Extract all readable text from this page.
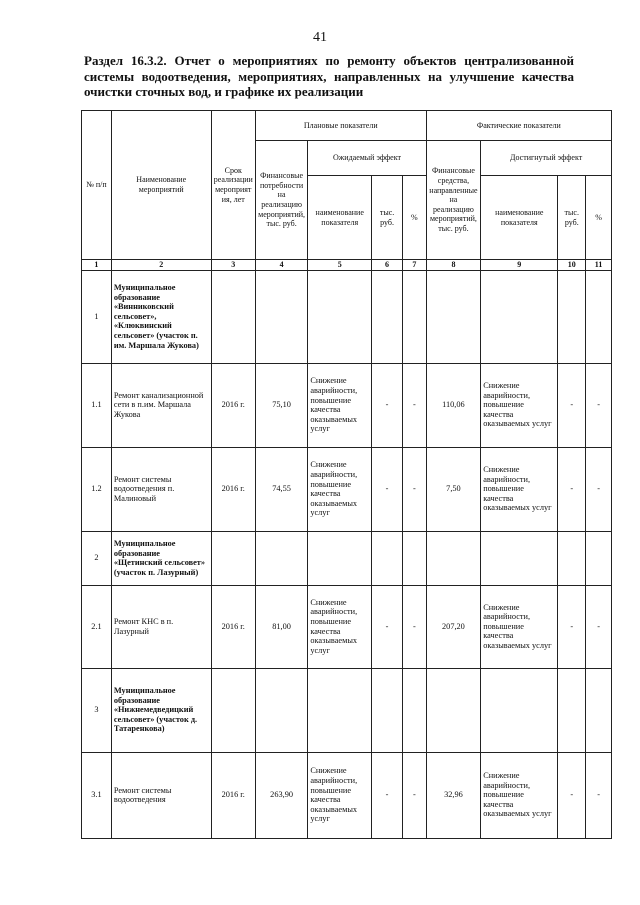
41
Раздел 16.3.2. Отчет о мероприятиях по ремонту объектов централизованной системы водоотведения, мероприятиях, направленных на улучшение качества очистки сточных вод, и графике их реализации
№ п/п	Наименование мероприятий	Срок реализации мероприятия, лет	Плановые показатели				Фактические показатели			
			Финансовые потребности на реализацию мероприятий, тыс. руб.	Ожидаемый эффект			Финансовые средства, направленные на реализацию мероприятий, тыс. руб.	Достигнутый эффект		
				наименование показателя	тыс. руб.	%		наименование показателя	тыс. руб.	%
1	2	3	4	5	6	7	8	9	10	11
1	Муниципальное образование «Винниковский сельсовет», «Клюквинский сельсовет» (участок п. им. Маршала Жукова)									
1.1	Ремонт канализационной сети в п.им. Маршала Жукова	2016 г.	75,10	Снижение аварийности, повышение качества оказываемых услуг	-	-	110,06	Снижение аварийности, повышение качества оказываемых услуг	-	-
1.2	Ремонт системы водоотведения п. Малиновый	2016 г.	74,55	Снижение аварийности, повышение качества оказываемых услуг	-	-	7,50	Снижение аварийности, повышение качества оказываемых услуг	-	-
2	Муниципальное образование «Щетинский сельсовет» (участок п. Лазурный)									
2.1	Ремонт КНС в п. Лазурный	2016 г.	81,00	Снижение аварийности, повышение качества оказываемых услуг	-	-	207,20	Снижение аварийности, повышение качества оказываемых услуг	-	-
3	Муниципальное образование «Нижнемедведицкий сельсовет» (участок д. Татаренкова)									
3.1	Ремонт системы водоотведения	2016 г.	263,90	Снижение аварийности, повышение качества оказываемых услуг	-	-	32,96	Снижение аварийности, повышение качества оказываемых услуг	-	-
